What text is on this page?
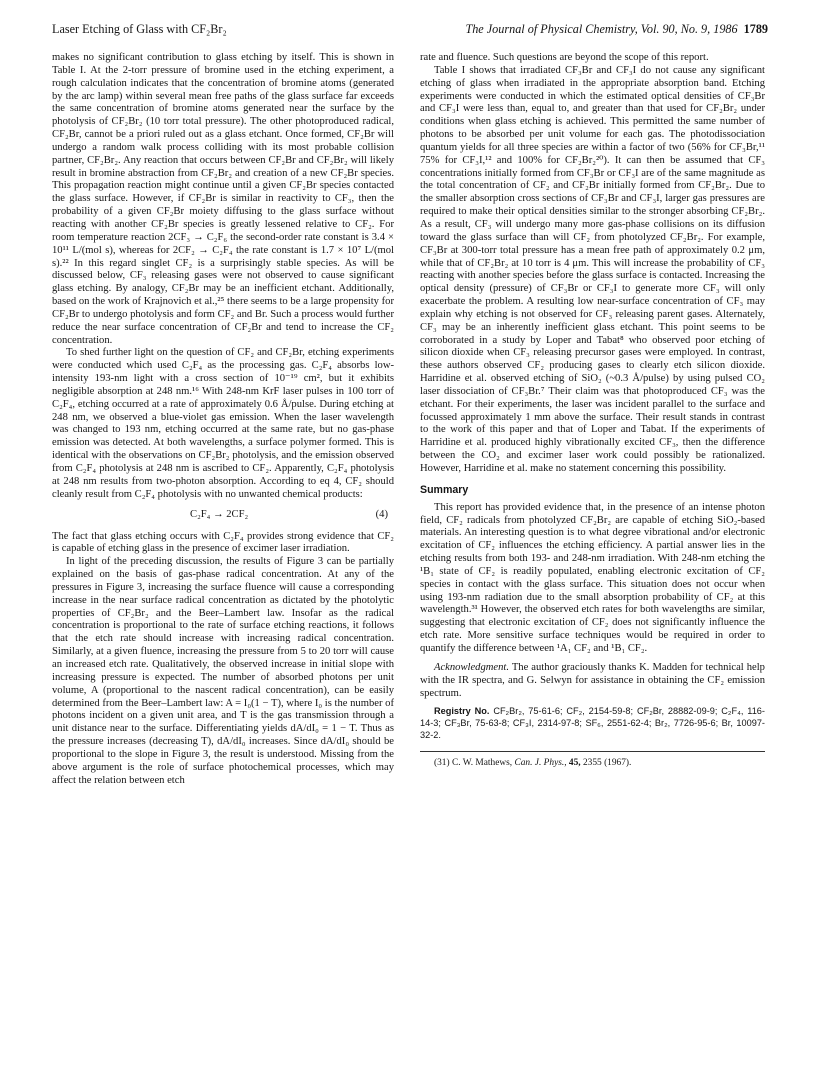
Laser Etching of Glass with CF₂Br₂	The Journal of Physical Chemistry, Vol. 90, No. 9, 1986 1789

makes no significant contribution to glass etching by itself. This is shown in Table I. At the 2-torr pressure of bromine used in the etching experiment, a rough calculation indicates that the concentration of bromine atoms (generated by the arc lamp) within several mean free paths of the glass surface far exceeds the same concentration of bromine atoms generated near the surface by the photolysis of CF₂Br₂ (10 torr total pressure). The other photoproduced radical, CF₂Br, cannot be a priori ruled out as a glass etchant. Once formed, CF₂Br will undergo a random walk process colliding with its most probable collision partner, CF₂Br₂. Any reaction that occurs between CF₂Br and CF₂Br₂ will likely result in bromine abstraction from CF₂Br₂ and creation of a new CF₂Br species. This propagation reaction might continue until a given CF₂Br species contacted the glass surface. However, if CF₂Br is similar in reactivity to CF₃, then the probability of a given CF₂Br moiety diffusing to the glass surface without reacting with another CF₂Br species is greatly lessened relative to CF₂. For room temperature reaction 2CF₃ → C₂F₆ the second-order rate constant is 3.4 × 10¹¹ L/(mol s), whereas for 2CF₂ → C₂F₄ the rate constant is 1.7 × 10⁷ L/(mol s).²² In this regard singlet CF₂ is a surprisingly stable species. As will be discussed below, CF₃ releasing gases were not observed to cause significant glass etching. By analogy, CF₂Br may be an inefficient etchant. Additionally, based on the work of Krajnovich et al.,²⁵ there seems to be a large propensity for CF₂Br to undergo photolysis and form CF₂ and Br. Such a process would further reduce the near surface concentration of CF₂Br and tend to increase the CF₂ concentration.

To shed further light on the question of CF₂ and CF₂Br, etching experiments were conducted which used C₂F₄ as the processing gas. C₂F₄ absorbs low-intensity 193-nm light with a cross section of 10⁻¹⁹ cm², but it exhibits negligible absorption at 248 nm.¹⁶ With 248-nm KrF laser pulses in 100 torr of C₂F₄, etching occurred at a rate of approximately 0.6 Å/pulse. During etching at 248 nm, we observed a blue-violet gas emission. When the laser wavelength was changed to 193 nm, etching occurred at the same rate, but no gas-phase emission was detected. At both wavelengths, a surface polymer formed. This is identical with the observations on CF₂Br₂ photolysis, and the emission observed from C₂F₄ photolysis at 248 nm is ascribed to CF₂. Apparently, C₂F₄ photolysis at 248 nm results from two-photon absorption. According to eq 4, CF₂ should cleanly result from C₂F₄ photolysis with no unwanted chemical products:

C₂F₄ → 2CF₂	(4)

The fact that glass etching occurs with C₂F₄ provides strong evidence that CF₂ is capable of etching glass in the presence of excimer laser irradiation.

In light of the preceding discussion, the results of Figure 3 can be partially explained on the basis of gas-phase radical concentration. At any of the pressures in Figure 3, increasing the surface fluence will cause a corresponding increase in the near surface radical concentration as dictated by the photolytic properties of CF₂Br₂ and the Beer–Lambert law. Insofar as the radical concentration is proportional to the rate of surface etching reactions, it follows that the etch rate should increase with increasing radical concentration. Similarly, at a given fluence, increasing the pressure from 5 to 20 torr will cause an increased etch rate. Qualitatively, the observed increase in initial slope with increasing pressure is expected. The number of absorbed photons per unit volume, A (proportional to the nascent radical concentration), can be easily determined from the Beer–Lambert law: A = I₀(1 − T), where I₀ is the number of photons incident on a given unit area, and T is the gas transmission through a unit distance near to the surface. Differentiating yields dA/dI₀ = 1 − T. Thus as the pressure increases (decreasing T), dA/dI₀ increases. Since dA/dI₀ should be proportional to the slope in Figure 3, the result is understood. Missing from the above argument is the role of surface photochemical processes, which may affect the relation between etch

rate and fluence. Such questions are beyond the scope of this report.

Table I shows that irradiated CF₃Br and CF₃I do not cause any significant etching of glass when irradiated in the appropriate absorption band. Etching experiments were conducted in which the estimated optical densities of CF₃Br and CF₃I were less than, equal to, and greater than that used for CF₂Br₂ under conditions when glass etching is achieved. This permitted the same number of photons to be absorbed per unit volume for each gas. The photodissociation quantum yields for all three species are within a factor of two (56% for CF₃Br,¹¹ 75% for CF₃I,¹² and 100% for CF₂Br₂²⁰). It can then be assumed that CF₃ concentrations initially formed from CF₃Br or CF₃I are of the same magnitude as the total concentration of CF₂ and CF₂Br initially formed from CF₂Br₂. Due to the smaller absorption cross sections of CF₃Br and CF₃I, larger gas pressures are required to make their optical densities similar to the stronger absorbing CF₂Br₂. As a result, CF₃ will undergo many more gas-phase collisions on its diffusion toward the glass surface than will CF₂ from photolyzed CF₂Br₂. For example, CF₃Br at 300-torr total pressure has a mean free path of approximately 0.2 μm, while that of CF₂Br₂ at 10 torr is 4 μm. This will increase the probability of CF₃ reacting with another species before the glass surface is contacted. Increasing the optical density (pressure) of CF₃Br or CF₃I to generate more CF₃ will only exacerbate the problem. A resulting low near-surface concentration of CF₃ may explain why etching is not observed for CF₃ releasing parent gases. Alternately, CF₃ may be an inherently inefficient glass etchant. This point seems to be corroborated in a study by Loper and Tabat⁸ who observed poor etching of silicon dioxide when CF₃ releasing precursor gases were employed. In contrast, these authors observed CF₂ producing gases to clearly etch silicon dioxide. Harridine et al. observed etching of SiO₂ (~0.3 Å/pulse) by using pulsed CO₂ laser dissociation of CF₃Br.⁷ Their claim was that photoproduced CF₃ was the etchant. For their experiments, the laser was incident parallel to the surface and focussed approximately 1 mm above the surface. Their result stands in contrast to the work of this paper and that of Loper and Tabat. If the experiments of Harridine et al. produced highly vibrationally excited CF₃, then the difference between the CO₂ and excimer laser work could possibly be rationalized. However, Harridine et al. make no statement concerning this possibility.

Summary

This report has provided evidence that, in the presence of an intense photon field, CF₂ radicals from photolyzed CF₂Br₂ are capable of etching SiO₂-based materials. An interesting question is to what degree vibrational and/or electronic excitation of CF₂ influences the etching efficiency. A partial answer lies in the etching results from both 193- and 248-nm irradiation. With 248-nm etching the ¹B₁ state of CF₂ is readily populated, enabling electronic excitation of CF₂ species in contact with the glass surface. This situation does not occur when using 193-nm radiation due to the small absorption probability of CF₂ at this wavelength.³¹ However, the observed etch rates for both wavelengths are similar, suggesting that electronic excitation of CF₂ does not significantly influence the etch rate. More sensitive surface techniques would be required in order to quantify the difference between ¹A₁ CF₂ and ¹B₁ CF₂.

Acknowledgment. The author graciously thanks K. Madden for technical help with the IR spectra, and G. Selwyn for assistance in obtaining the CF₂ emission spectrum.

Registry No. CF₂Br₂, 75-61-6; CF₂, 2154-59-8; CF₂Br, 28882-09-9; C₂F₄, 116-14-3; CF₃Br, 75-63-8; CF₃I, 2314-97-8; SF₆, 2551-62-4; Br₂, 7726-95-6; Br, 10097-32-2.

(31) C. W. Mathews, Can. J. Phys., 45, 2355 (1967).
